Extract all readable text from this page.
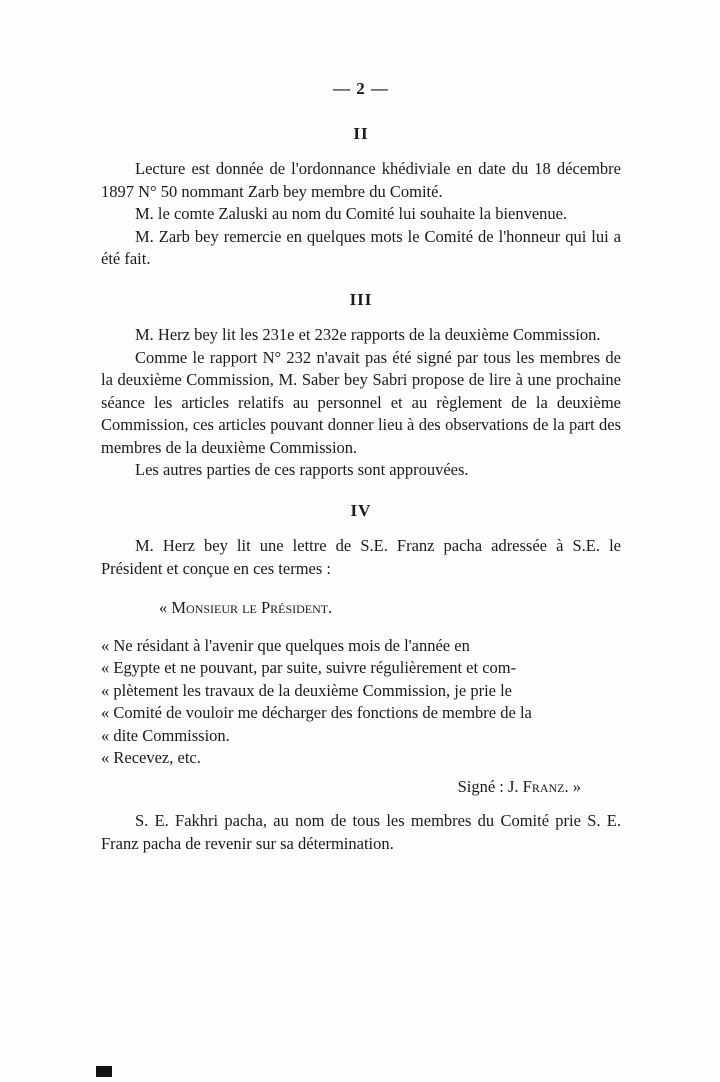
— 2 —
II

Lecture est donnée de l'ordonnance khédiviale en date du 18 décembre 1897 N° 50 nommant Zarb bey membre du Comité.

M. le comte Zaluski au nom du Comité lui souhaite la bienvenue.

M. Zarb bey remercie en quelques mots le Comité de l'honneur qui lui a été fait.

III

M. Herz bey lit les 231e et 232e rapports de la deuxième Commission.

Comme le rapport N° 232 n'avait pas été signé par tous les membres de la deuxième Commission, M. Saber bey Sabri propose de lire à une prochaine séance les articles relatifs au personnel et au règlement de la deuxième Commission, ces articles pouvant donner lieu à des observations de la part des membres de la deuxième Commission.

Les autres parties de ces rapports sont approuvées.

IV

M. Herz bey lit une lettre de S.E. Franz pacha adressée à S.E. le Président et conçue en ces termes :

« Monsieur le Président.
« Ne résidant à l'avenir que quelques mois de l'année en
« Egypte et ne pouvant, par suite, suivre régulièrement et com-
« plètement les travaux de la deuxième Commission, je prie le
« Comité de vouloir me décharger des fonctions de membre de la
« dite Commission.
« Recevez, etc.
Signé : J. Franz. »

S. E. Fakhri pacha, au nom de tous les membres du Comité prie S. E. Franz pacha de revenir sur sa détermination.
